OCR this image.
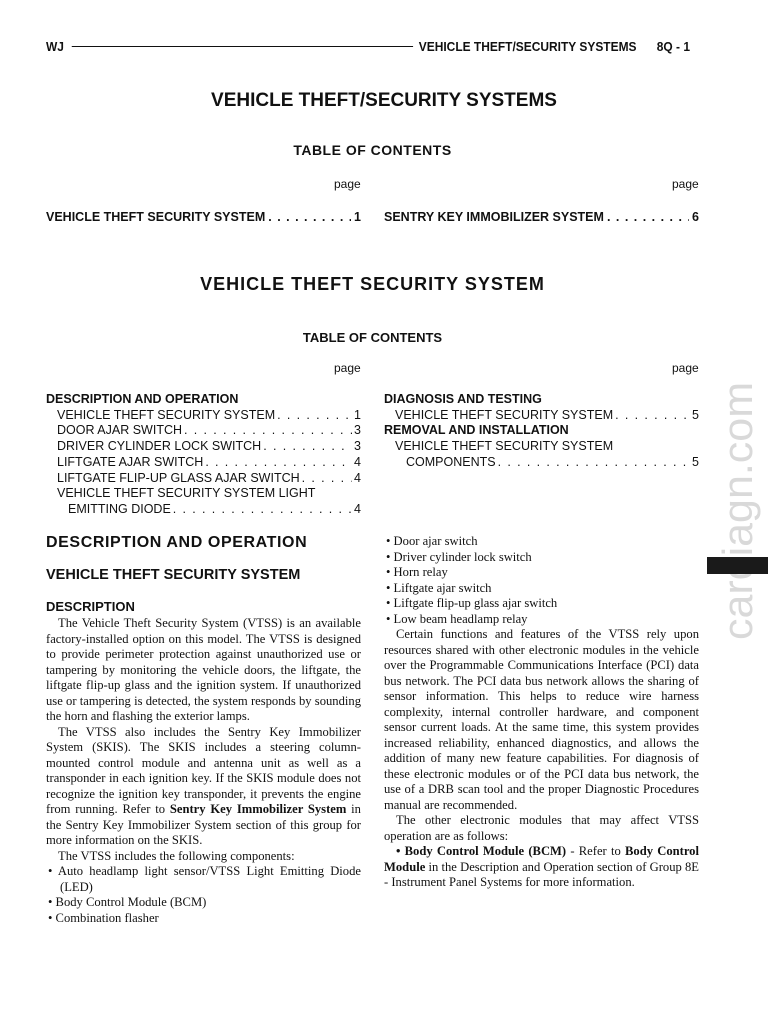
WJ	VEHICLE THEFT/SECURITY SYSTEMS 8Q - 1
VEHICLE THEFT/SECURITY SYSTEMS
TABLE OF CONTENTS
page	page
VEHICLE THEFT SECURITY SYSTEM . . .	1 SENTRY KEY IMMOBILIZER SYSTEM . . .	6
VEHICLE THEFT SECURITY SYSTEM
TABLE OF CONTENTS
page	page
DESCRIPTION AND OPERATION
VEHICLE THEFT SECURITY SYSTEM . . .	1
DOOR AJAR SWITCH . . .	3
DRIVER CYLINDER LOCK SWITCH . . .	3
LIFTGATE AJAR SWITCH . . .	4
LIFTGATE FLIP-UP GLASS AJAR SWITCH . . .	4
VEHICLE THEFT SECURITY SYSTEM LIGHT
EMITTING DIODE . . .	4
DIAGNOSIS AND TESTING
VEHICLE THEFT SECURITY SYSTEM . . .	5
REMOVAL AND INSTALLATION
VEHICLE THEFT SECURITY SYSTEM
COMPONENTS . . .	5
DESCRIPTION AND OPERATION
VEHICLE THEFT SECURITY SYSTEM
DESCRIPTION

The Vehicle Theft Security System (VTSS) is an available factory-installed option on this model. The VTSS is designed to provide perimeter protection against unauthorized use or tampering by monitoring the vehicle doors, the liftgate, the liftgate flip-up glass and the ignition system. If unauthorized use or tampering is detected, the system responds by sounding the horn and flashing the exterior lamps.

The VTSS also includes the Sentry Key Immobilizer System (SKIS). The SKIS includes a steering column-mounted control module and antenna unit as well as a transponder in each ignition key. If the SKIS module does not recognize the ignition key transponder, it prevents the engine from running. Refer to Sentry Key Immobilizer System in the Sentry Key Immobilizer System section of this group for more information on the SKIS.

The VTSS includes the following components:

• Auto headlamp light sensor/VTSS Light Emitting Diode (LED)

• Body Control Module (BCM)

• Combination flasher

• Door ajar switch

• Driver cylinder lock switch

• Horn relay

• Liftgate ajar switch

• Liftgate flip-up glass ajar switch

• Low beam headlamp relay

Certain functions and features of the VTSS rely upon resources shared with other electronic modules in the vehicle over the Programmable Communications Interface (PCI) data bus network. The PCI data bus network allows the sharing of sensor information. This helps to reduce wire harness complexity, internal controller hardware, and component sensor current loads. At the same time, this system provides increased reliability, enhanced diagnostics, and allows the addition of many new feature capabilities. For diagnosis of these electronic modules or of the PCI data bus network, the use of a DRB scan tool and the proper Diagnostic Procedures manual are recommended.

The other electronic modules that may affect VTSS operation are as follows:

• Body Control Module (BCM) - Refer to Body Control Module in the Description and Operation section of Group 8E - Instrument Panel Systems for more information.

cardiagn.com
